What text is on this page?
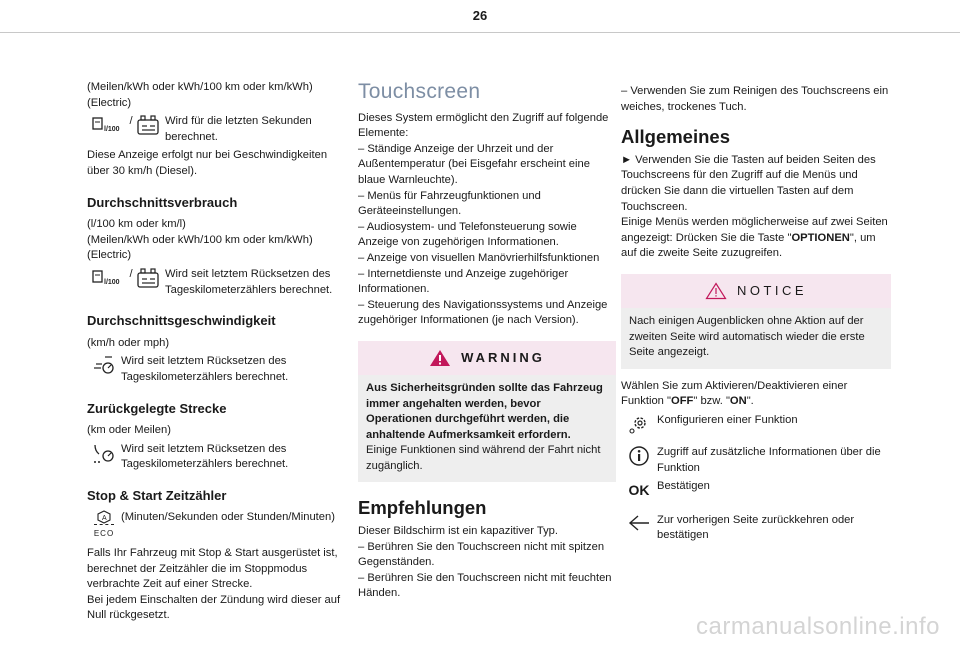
26

(Meilen/kWh oder kWh/100 km oder km/kWh)

(Electric)

l/100
/	Wird für die letzten Sekunden berechnet.

Diese Anzeige erfolgt nur bei Geschwindigkeiten über 30 km/h (Diesel).

Durchschnittsverbrauch

(l/100 km oder km/l)

(Meilen/kWh oder kWh/100 km oder km/kWh)

(Electric)

l/100
/	Wird seit letztem Rücksetzen des Tageskilometerzählers berechnet.
Durchschnittsgeschwindigkeit

(km/h oder mph)

Wird seit letztem Rücksetzen des Tageskilometerzählers berechnet.
Zurückgelegte Strecke

(km oder Meilen)

Wird seit letztem Rücksetzen des Tageskilometerzählers berechnet.
Stop & Start Zeitzähler
A
ECO
(Minuten/Sekunden oder Stunden/Minuten)

Falls Ihr Fahrzeug mit Stop & Start ausgerüstet ist, berechnet der Zeitzähler die im Stoppmodus verbrachte Zeit auf einer Strecke.

Bei jedem Einschalten der Zündung wird dieser auf Null rückgesetzt.

Touchscreen

Dieses System ermöglicht den Zugriff auf folgende Elemente:

– Ständige Anzeige der Uhrzeit und der Außentemperatur (bei Eisgefahr erscheint eine blaue Warnleuchte).

– Menüs für Fahrzeugfunktionen und Geräteeinstellungen.

– Audiosystem- und Telefonsteuerung sowie Anzeige von zugehörigen Informationen.

– Anzeige von visuellen Manövrierhilfsfunktionen

– Internetdienste und Anzeige zugehöriger Informationen.

– Steuerung des Navigationssystems und Anzeige zugehöriger Informationen (je nach Version).

WARNING

Aus Sicherheitsgründen sollte das Fahrzeug immer angehalten werden, bevor Operationen durchgeführt werden, die anhaltende Aufmerksamkeit erfordern.

Einige Funktionen sind während der Fahrt nicht zugänglich.

Empfehlungen

Dieser Bildschirm ist ein kapazitiver Typ.

– Berühren Sie den Touchscreen nicht mit spitzen Gegenständen.

– Berühren Sie den Touchscreen nicht mit feuchten Händen.

– Verwenden Sie zum Reinigen des Touchscreens ein weiches, trockenes Tuch.

Allgemeines

► Verwenden Sie die Tasten auf beiden Seiten des Touchscreens für den Zugriff auf die Menüs und drücken Sie dann die virtuellen Tasten auf dem Touchscreen.

Einige Menüs werden möglicherweise auf zwei Seiten angezeigt: Drücken Sie die Taste "OPTIONEN", um auf die zweite Seite zuzugreifen.

NOTICE

Nach einigen Augenblicken ohne Aktion auf der zweiten Seite wird automatisch wieder die erste Seite angezeigt.

Wählen Sie zum Aktivieren/Deaktivieren einer Funktion "OFF" bzw. "ON".

Konfigurieren einer Funktion
Zugriff auf zusätzliche Informationen über die Funktion
OK Bestätigen
Zur vorherigen Seite zurückkehren oder bestätigen
carmanualsonline.info
